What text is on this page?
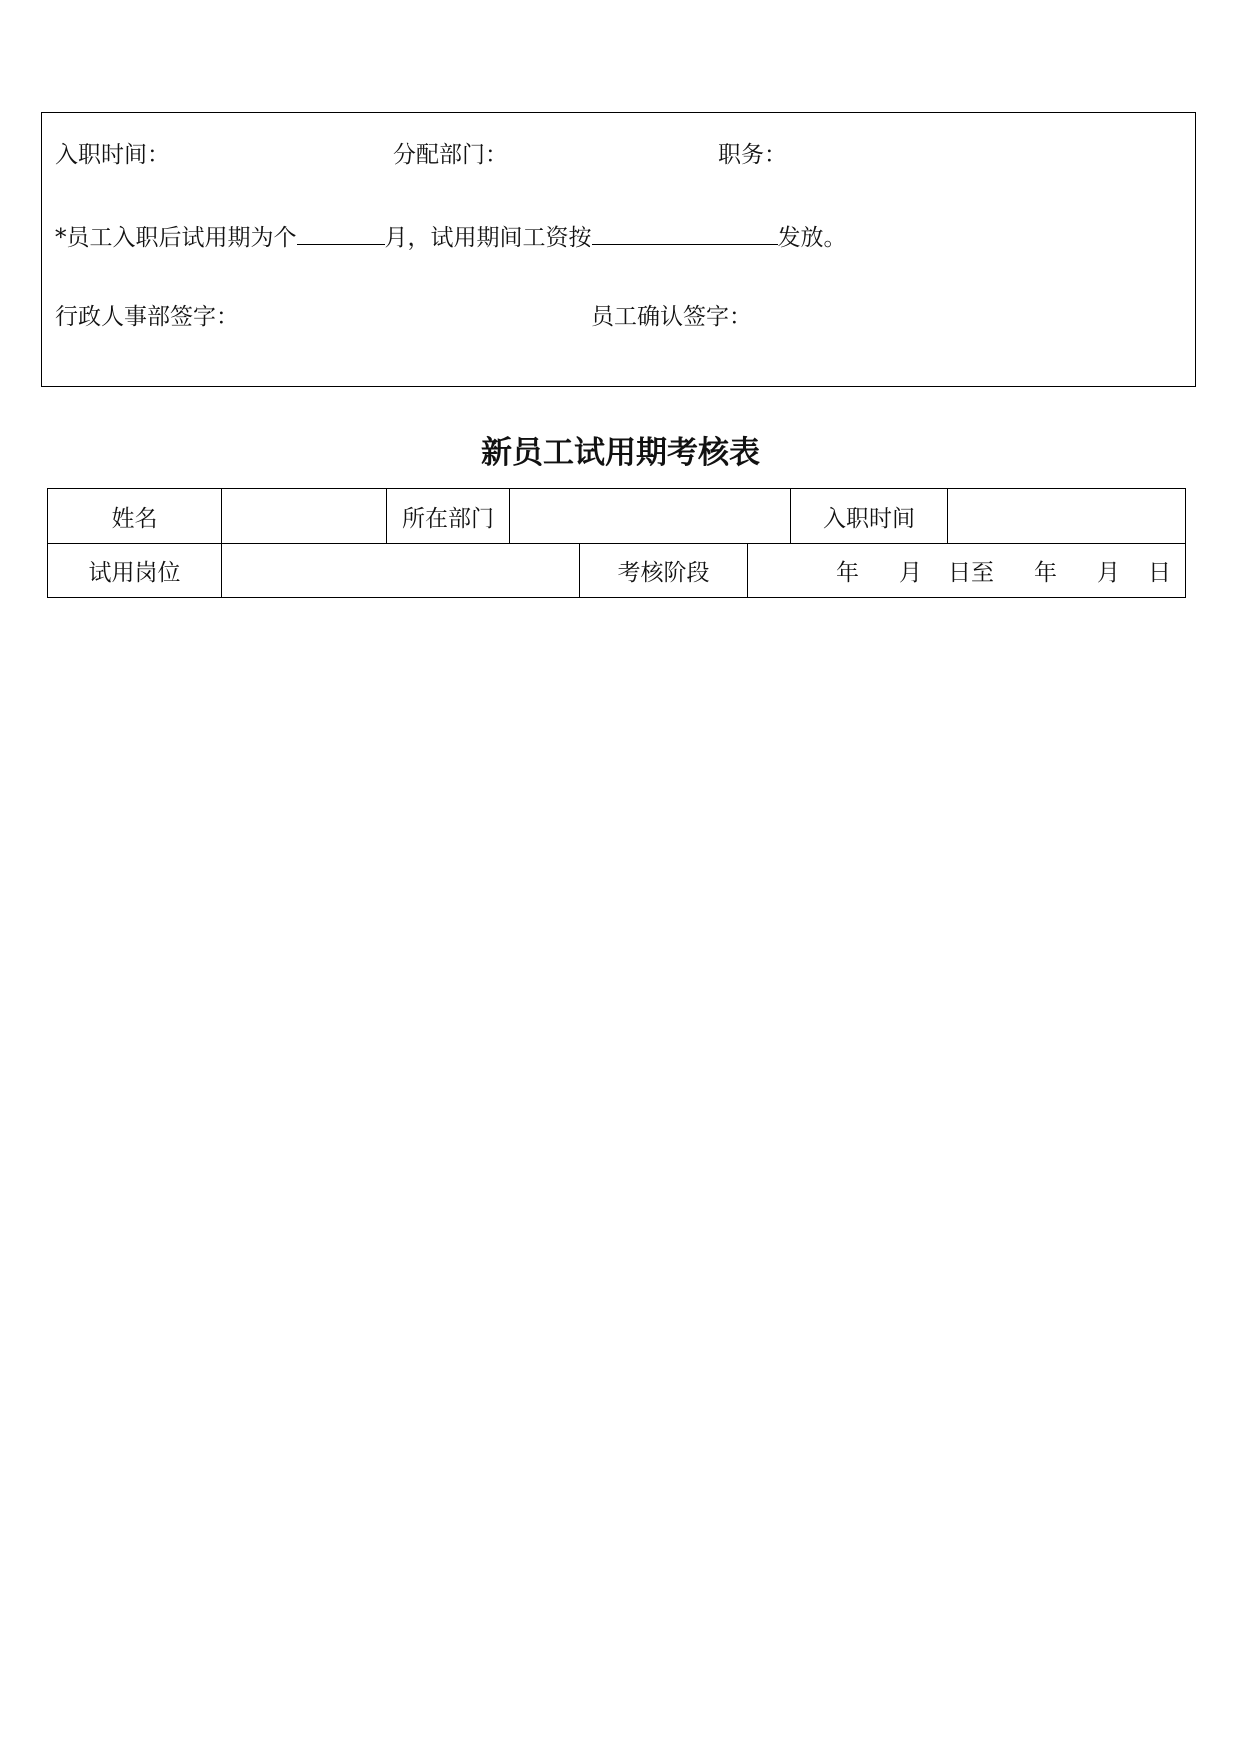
入职时间：	分配部门：	职务：
*员工入职后试用期为个	月，试用期间工资按	发放。
行政人事部签字：	员工确认签字：
新员工试用期考核表
姓名	所在部门	入职时间
试用岗位	考核阶段	年 月 日至 年 月 日
